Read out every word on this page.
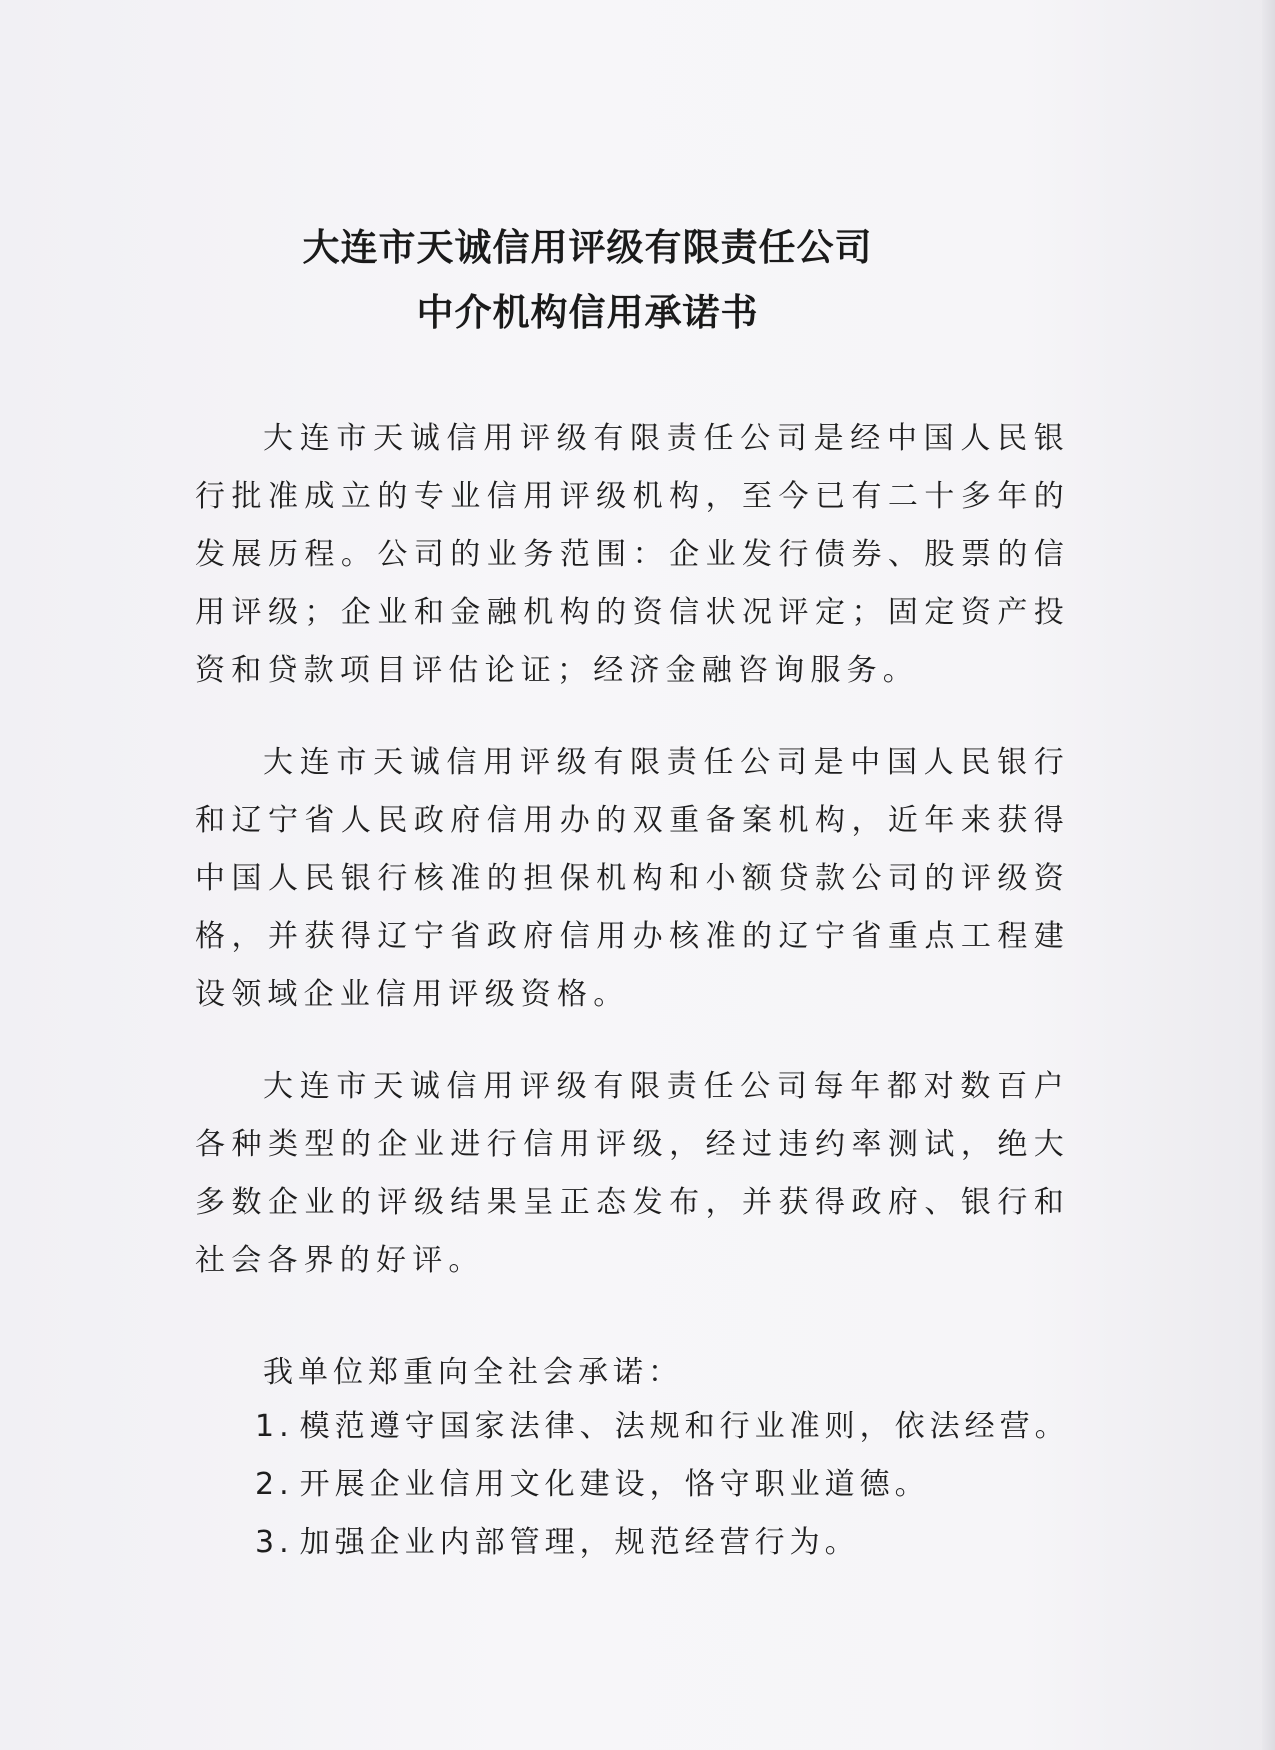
大连市天诚信用评级有限责任公司
中介机构信用承诺书

大连市天诚信用评级有限责任公司是经中国人民银行批准成立的专业信用评级机构，至今已有二十多年的发展历程。公司的业务范围：企业发行债券、股票的信用评级；企业和金融机构的资信状况评定；固定资产投资和贷款项目评估论证；经济金融咨询服务。

大连市天诚信用评级有限责任公司是中国人民银行和辽宁省人民政府信用办的双重备案机构，近年来获得中国人民银行核准的担保机构和小额贷款公司的评级资格，并获得辽宁省政府信用办核准的辽宁省重点工程建设领域企业信用评级资格。

大连市天诚信用评级有限责任公司每年都对数百户各种类型的企业进行信用评级，经过违约率测试，绝大多数企业的评级结果呈正态发布，并获得政府、银行和社会各界的好评。

我单位郑重向全社会承诺：

1. 模范遵守国家法律、法规和行业准则，依法经营。
2. 开展企业信用文化建设，恪守职业道德。
3. 加强企业内部管理，规范经营行为。
